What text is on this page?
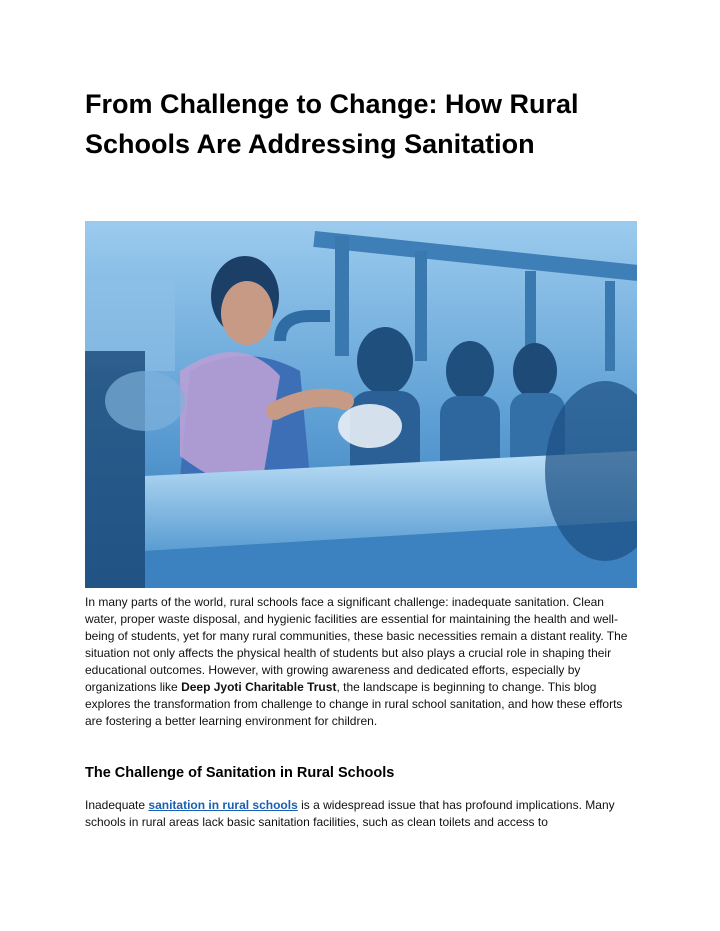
From Challenge to Change: How Rural Schools Are Addressing Sanitation

In many parts of the world, rural schools face a significant challenge: inadequate sanitation. Clean water, proper waste disposal, and hygienic facilities are essential for maintaining the health and well-being of students, yet for many rural communities, these basic necessities remain a distant reality. The situation not only affects the physical health of students but also plays a crucial role in shaping their educational outcomes. However, with growing awareness and dedicated efforts, especially by organizations like Deep Jyoti Charitable Trust, the landscape is beginning to change. This blog explores the transformation from challenge to change in rural school sanitation, and how these efforts are fostering a better learning environment for children.

The Challenge of Sanitation in Rural Schools

Inadequate sanitation in rural schools is a widespread issue that has profound implications. Many schools in rural areas lack basic sanitation facilities, such as clean toilets and access to
